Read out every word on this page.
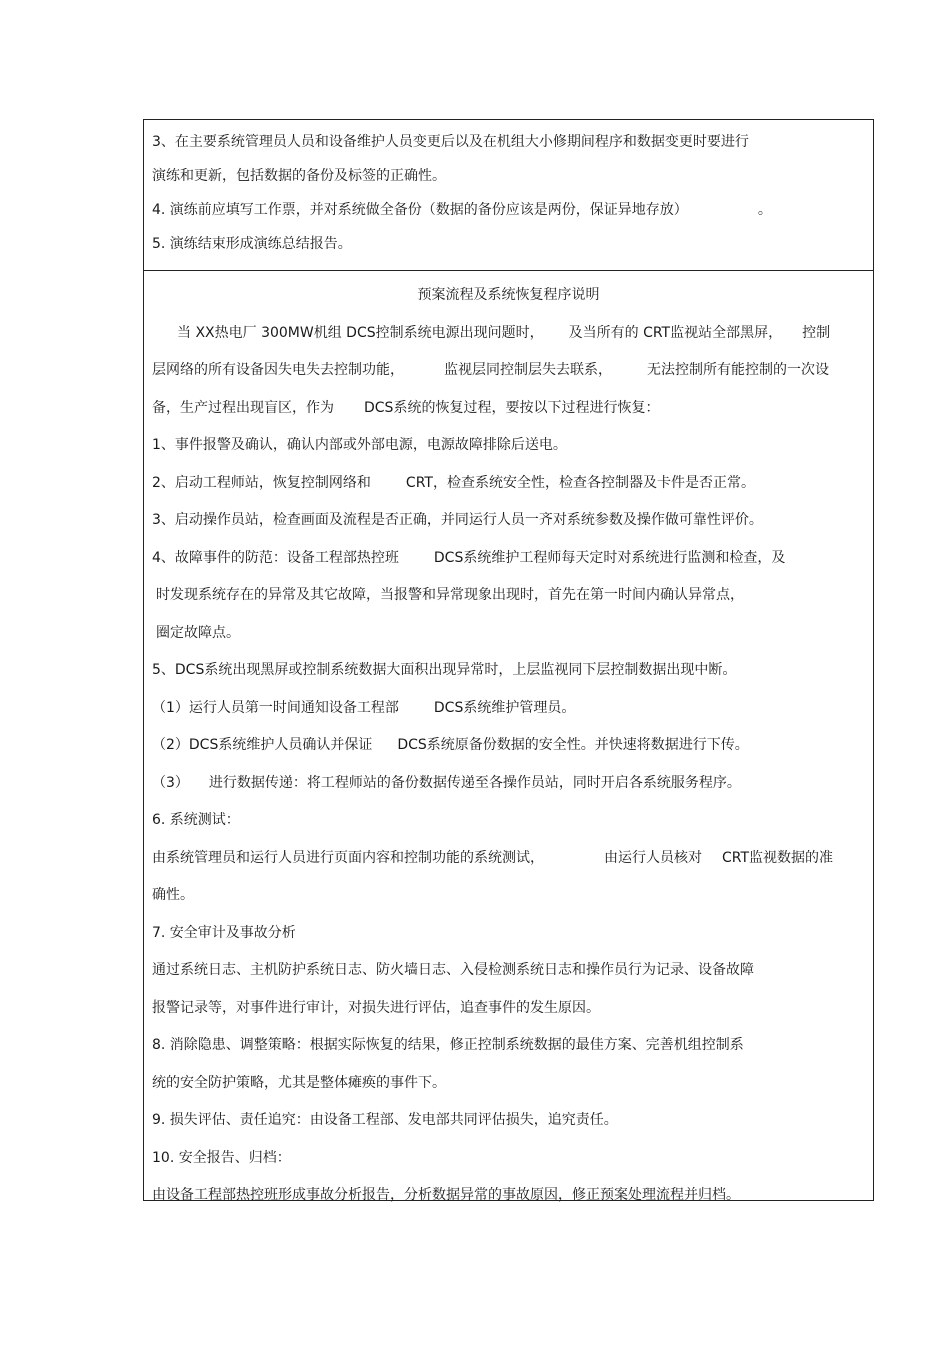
3、在主要系统管理员人员和设备维护人员变更后以及在机组大小修期间程序和数据变更时要进行
演练和更新，包括数据的备份及标签的正确性。
4. 演练前应填写工作票，并对系统做全备份（数据的备份应该是两份，保证异地存放）	。
5. 演练结束形成演练总结报告。
预案流程及系统恢复程序说明
当 XX热电厂 300MW机组 DCS控制系统电源出现问题时， 及当所有的 CRT监视站全部黑屏， 控制
层网络的所有设备因失电失去控制功能，	监视层同控制层失去联系，	无法控制所有能控制的一次设
备，生产过程出现盲区，作为 DCS系统的恢复过程，要按以下过程进行恢复：
1、事件报警及确认，确认内部或外部电源，电源故障排除后送电。
2、启动工程师站，恢复控制网络和	CRT，检查系统安全性，检查各控制器及卡件是否正常。
3、启动操作员站，检查画面及流程是否正确，并同运行人员一齐对系统参数及操作做可靠性评价。
4、故障事件的防范：设备工程部热控班	DCS系统维护工程师每天定时对系统进行监测和检查，及
时发现系统存在的异常及其它故障，当报警和异常现象出现时，首先在第一时间内确认异常点，
圈定故障点。
5、DCS系统出现黑屏或控制系统数据大面积出现异常时，上层监视同下层控制数据出现中断。
（1）运行人员第一时间通知设备工程部	DCS系统维护管理员。
（2）DCS系统维护人员确认并保证 DCS系统原备份数据的安全性。并快速将数据进行下传。
（3） 进行数据传递：将工程师站的备份数据传递至各操作员站，同时开启各系统服务程序。
6. 系统测试：
由系统管理员和运行人员进行页面内容和控制功能的系统测试，	由运行人员核对 CRT监视数据的准
确性。
7. 安全审计及事故分析
通过系统日志、主机防护系统日志、防火墙日志、入侵检测系统日志和操作员行为记录、设备故障
报警记录等，对事件进行审计，对损失进行评估，追查事件的发生原因。
8. 消除隐患、调整策略：根据实际恢复的结果，修正控制系统数据的最佳方案、完善机组控制系
统的安全防护策略，尤其是整体瘫痪的事件下。
9. 损失评估、责任追究：由设备工程部、发电部共同评估损失，追究责任。
10. 安全报告、归档：
由设备工程部热控班形成事故分析报告，分析数据异常的事故原因，修正预案处理流程并归档。
